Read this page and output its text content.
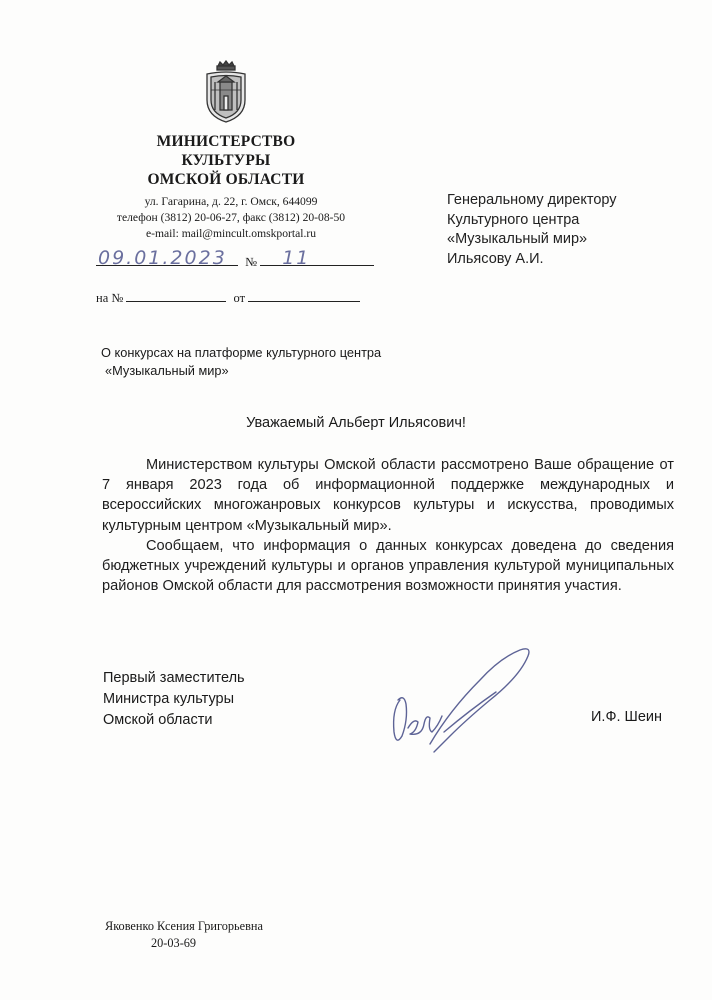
МИНИСТЕРСТВО КУЛЬТУРЫ
ОМСКОЙ ОБЛАСТИ
ул. Гагарина, д. 22, г. Омск, 644099
телефон (3812) 20-06-27, факс (3812) 20-08-50
e-mail: mail@mincult.omskportal.ru
Генеральному директору
Культурного центра
«Музыкальный мир»
Ильясову А.И.
09.01.2023 № 11
на №	от
О конкурсах на платформе культурного центра
«Музыкальный мир»
Уважаемый Альберт Ильясович!

Министерством культуры Омской области рассмотрено Ваше обращение от 7 января 2023 года об информационной поддержке международных и всероссийских многожанровых конкурсов культуры и искусства, проводимых культурным центром «Музыкальный мир».

Сообщаем, что информация о данных конкурсах доведена до сведения бюджетных учреждений культуры и органов управления культурой муниципальных районов Омской области для рассмотрения возможности принятия участия.

Первый заместитель
Министра культуры
Омской области	И.Ф. Шеин
Яковенко Ксения Григорьевна
20-03-69
